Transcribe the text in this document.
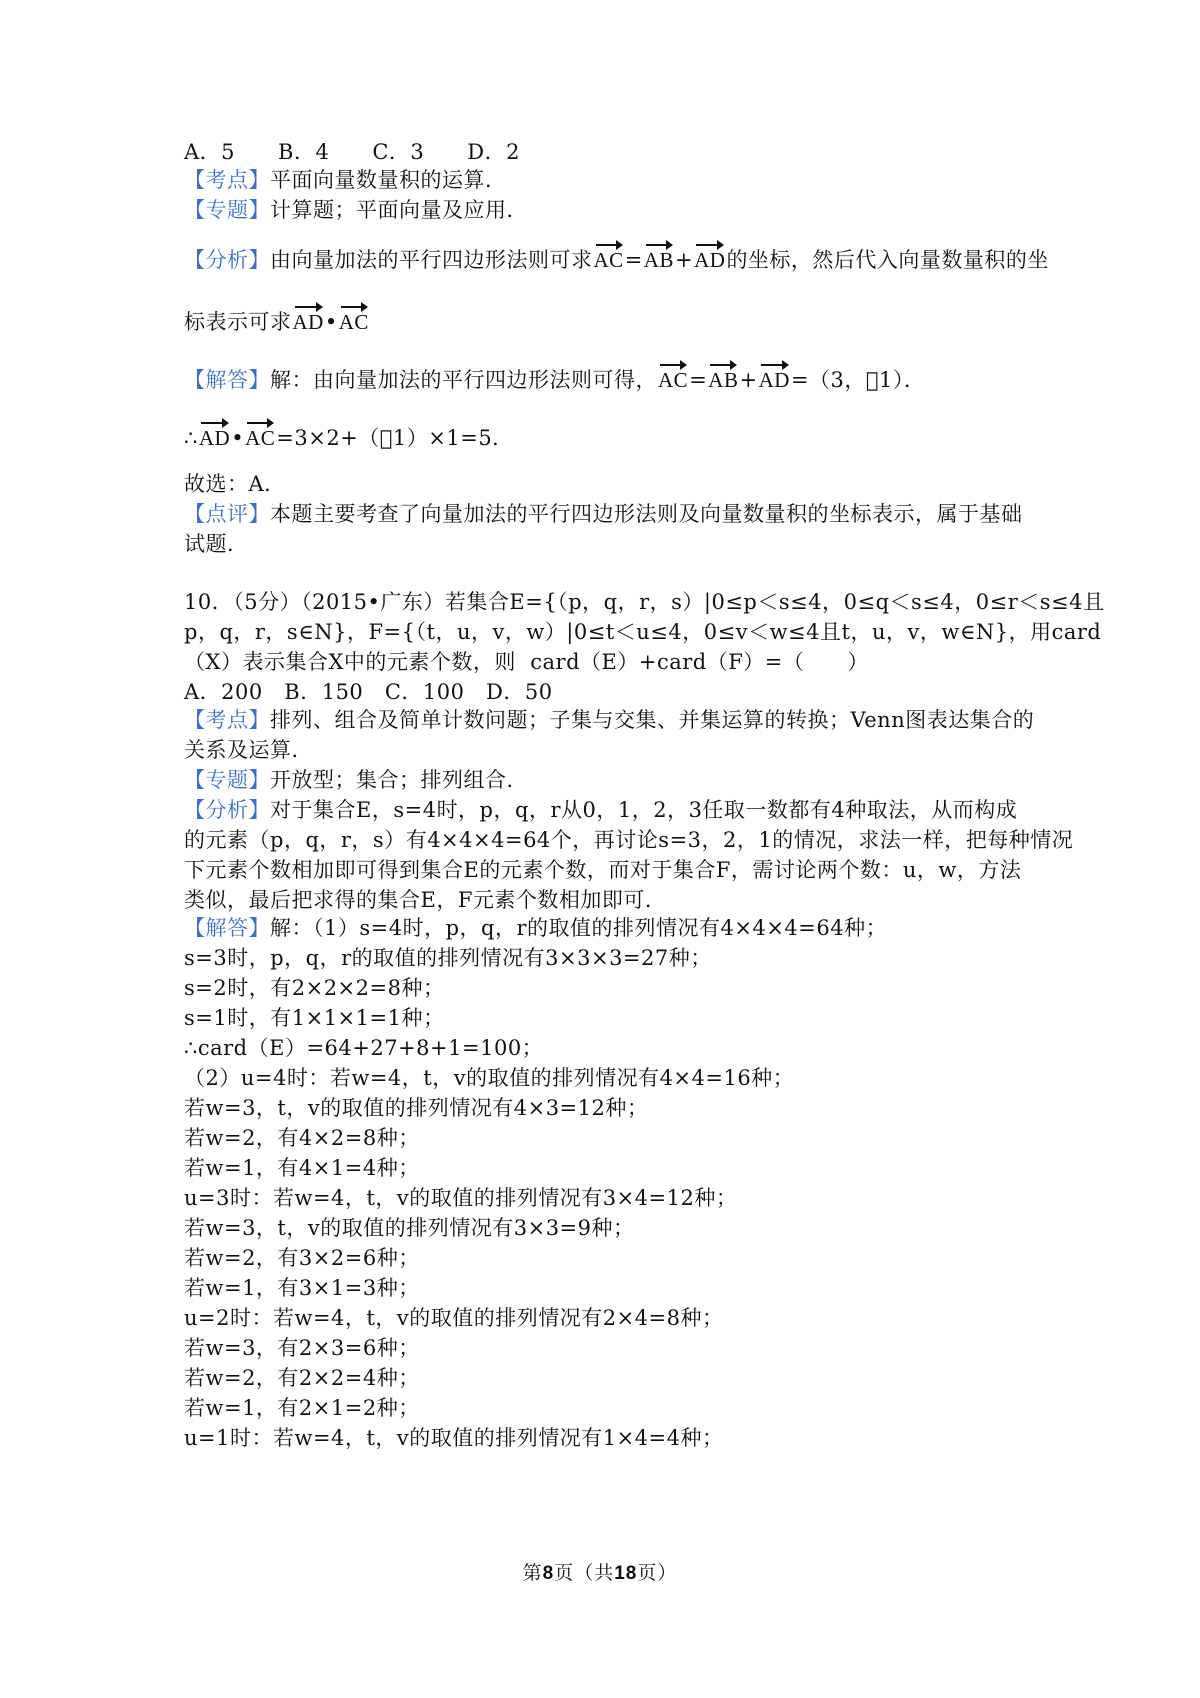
A．5　　B．4　　C．3　　D．2
【考点】平面向量数量积的运算．
【专题】计算题；平面向量及应用．
【分析】由向量加法的平行四边形法则可求AC=AB+AD的坐标，然后代入向量数量积的坐
标表示可求AD•AC
【解答】解：由向量加法的平行四边形法则可得，AC=AB+AD=（3，￿1）．
∴AD•AC=3×2+（￿1）×1=5．
故选：A．
【点评】本题主要考查了向量加法的平行四边形法则及向量数量积的坐标表示，属于基础
试题．
10．（5分）（2015•广东）若集合E={（p，q，r，s）|0≤p＜s≤4，0≤q＜s≤4，0≤r＜s≤4且
p，q，r，s∈N}，F={（t，u，v，w）|0≤t＜u≤4，0≤v＜w≤4且t，u，v，w∈N}，用card
（X）表示集合X中的元素个数，则  card（E）+card（F）=（　　）
A．200   B．150   C．100   D．50
【考点】排列、组合及简单计数问题；子集与交集、并集运算的转换；Venn图表达集合的
关系及运算．
【专题】开放型；集合；排列组合．
【分析】对于集合E，s=4时，p，q，r从0，1，2，3任取一数都有4种取法，从而构成
的元素（p，q，r，s）有4×4×4=64个，再讨论s=3，2，1的情况，求法一样，把每种情况
下元素个数相加即可得到集合E的元素个数，而对于集合F，需讨论两个数：u，w，方法
类似，最后把求得的集合E，F元素个数相加即可．
【解答】解：（1）s=4时，p，q，r的取值的排列情况有4×4×4=64种；
s=3时，p，q，r的取值的排列情况有3×3×3=27种；
s=2时，有2×2×2=8种；
s=1时，有1×1×1=1种；
∴card（E）=64+27+8+1=100；
（2）u=4时：若w=4，t，v的取值的排列情况有4×4=16种；
若w=3，t，v的取值的排列情况有4×3=12种；
若w=2，有4×2=8种；
若w=1，有4×1=4种；
u=3时：若w=4，t，v的取值的排列情况有3×4=12种；
若w=3，t，v的取值的排列情况有3×3=9种；
若w=2，有3×2=6种；
若w=1，有3×1=3种；
u=2时：若w=4，t，v的取值的排列情况有2×4=8种；
若w=3，有2×3=6种；
若w=2，有2×2=4种；
若w=1，有2×1=2种；
u=1时：若w=4，t，v的取值的排列情况有1×4=4种；
第8页（共18页）
